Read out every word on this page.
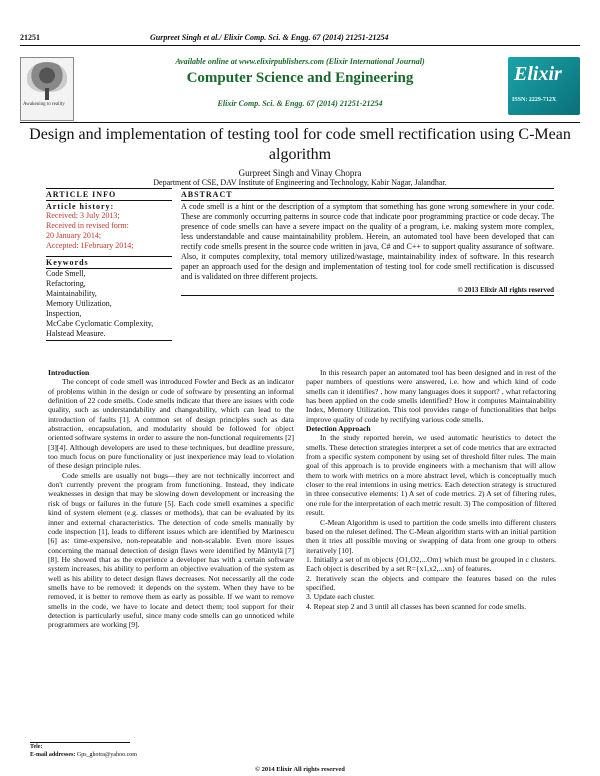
21251	Gurpreet Singh et al./ Elixir Comp. Sci. & Engg. 67 (2014) 21251-21254
Awakening to reality
Available online at www.elixirpublishers.com (Elixir International Journal)
Computer Science and Engineering
Elixir Comp. Sci. & Engg. 67 (2014) 21251-21254
Elixir
ISSN: 2229-712X
Design and implementation of testing tool for code smell rectification using C-Mean algorithm
Gurpreet Singh and Vinay Chopra
Department of CSE, DAV Institute of Engineering and Technology, Kabir Nagar, Jalandhar.
ARTICLE INFO
Article history:
Received: 3 July 2013;
Received in revised form:
20 January 2014;
Accepted: 1February 2014;
Keywords
Code Smell,
Refactoring,
Maintainability,
Memory Utilization,
Inspection,
McCabe Cyclomatic Complexity,
Halstead Measure.
ABSTRACT

A code smell is a hint or the description of a symptom that something has gone wrong somewhere in your code. These are commonly occurring patterns in source code that indicate poor programming practice or code decay. The presence of code smells can have a severe impact on the quality of a program, i.e. making system more complex, less understandable and cause maintainability problem. Herein, an automated tool have been developed that can rectify code smells present in the source code written in java, C# and C++ to support quality assurance of software. Also, it computes complexity, total memory utilized/wastage, maintainability index of software. In this research paper an approach used for the design and implementation of testing tool for code smell rectification is discussed and is validated on three different projects.

© 2013 Elixir All rights reserved

Introduction

The concept of code smell was introduced Fowler and Beck as an indicator of problems within in the design or code of software by presenting an informal definition of 22 code smells. Code smells indicate that there are issues with code quality, such as understandability and changeability, which can lead to the introduction of faults [1]. A common set of design principles such as data abstraction, encapsulation, and modularity should be followed for object oriented software systems in order to assure the non-functional requirements [2][3][4]. Although developers are used to these techniques, but deadline pressure, too much focus on pure functionality or just inexperience may lead to violation of these design principle rules.

Code smells are usually not bugs—they are not technically incorrect and don't currently prevent the program from functioning. Instead, they indicate weaknesses in design that may be slowing down development or increasing the risk of bugs or failures in the future [5]. Each code smell examines a specific kind of system element (e.g. classes or methods), that can be evaluated by its inner and external characteristics. The detection of code smells manually by code inspection [1], leads to different issues which are identified by Marinescu [6] as: time-expensive, non-repeatable and non-scalable. Even more issues concerning the manual detection of design flaws were identified by Mäntylä [7][8]. He showed that as the experience a developer has with a certain software system increases, his ability to perform an objective evaluation of the system as well as his ability to detect design flaws decreases. Not necessarily all the code smells have to be removed: it depends on the system. When they have to be removed, it is better to remove them as early as possible. If we want to remove smells in the code, we have to locate and detect them; tool support for their detection is particularly useful, since many code smells can go unnoticed while programmers are working [9].

In this research paper an automated tool has been designed and in rest of the paper numbers of questions were answered, i.e. how and which kind of code smells can it identifies? , how many languages does it support? , what refactoring has been applied on the code smells identified? How it computes Maintainability Index, Memory Utilization. This tool provides range of functionalities that helps improve quality of code by rectifying various code smells.

Detection Approach

In the study reported herein, we used automatic heuristics to detect the smells. These detection strategies interpret a set of code metrics that are extracted from a specific system component by using set of threshold filter rules. The main goal of this approach is to provide engineers with a mechanism that will allow them to work with metrics on a more abstract level, which is conceptually much closer to the real intentions in using metrics. Each detection strategy is structured in three consecutive elements: 1) A set of code metrics. 2) A set of filtering rules, one rule for the interpretation of each metric result. 3) The composition of filtered result.

C-Mean Algorithm is used to partition the code smells into different clusters based on the ruleset defined. The C-Mean algorithm starts with an initial partition then it tries all possible moving or swapping of data from one group to others iteratively [10].

1. Initially a set of m objects {O1,O2,...Om} which must be grouped in c clusters. Each object is described by a set R={x1,x2,...xn} of features.

2. Iteratively scan the objects and compare the features based on the rules specified.

3. Update each cluster.

4. Repeat step 2 and 3 until all classes has been scanned for code smells.

Tele:
E-mail addresses: Gps_ghotra@yahoo.com
© 2014 Elixir All rights reserved
